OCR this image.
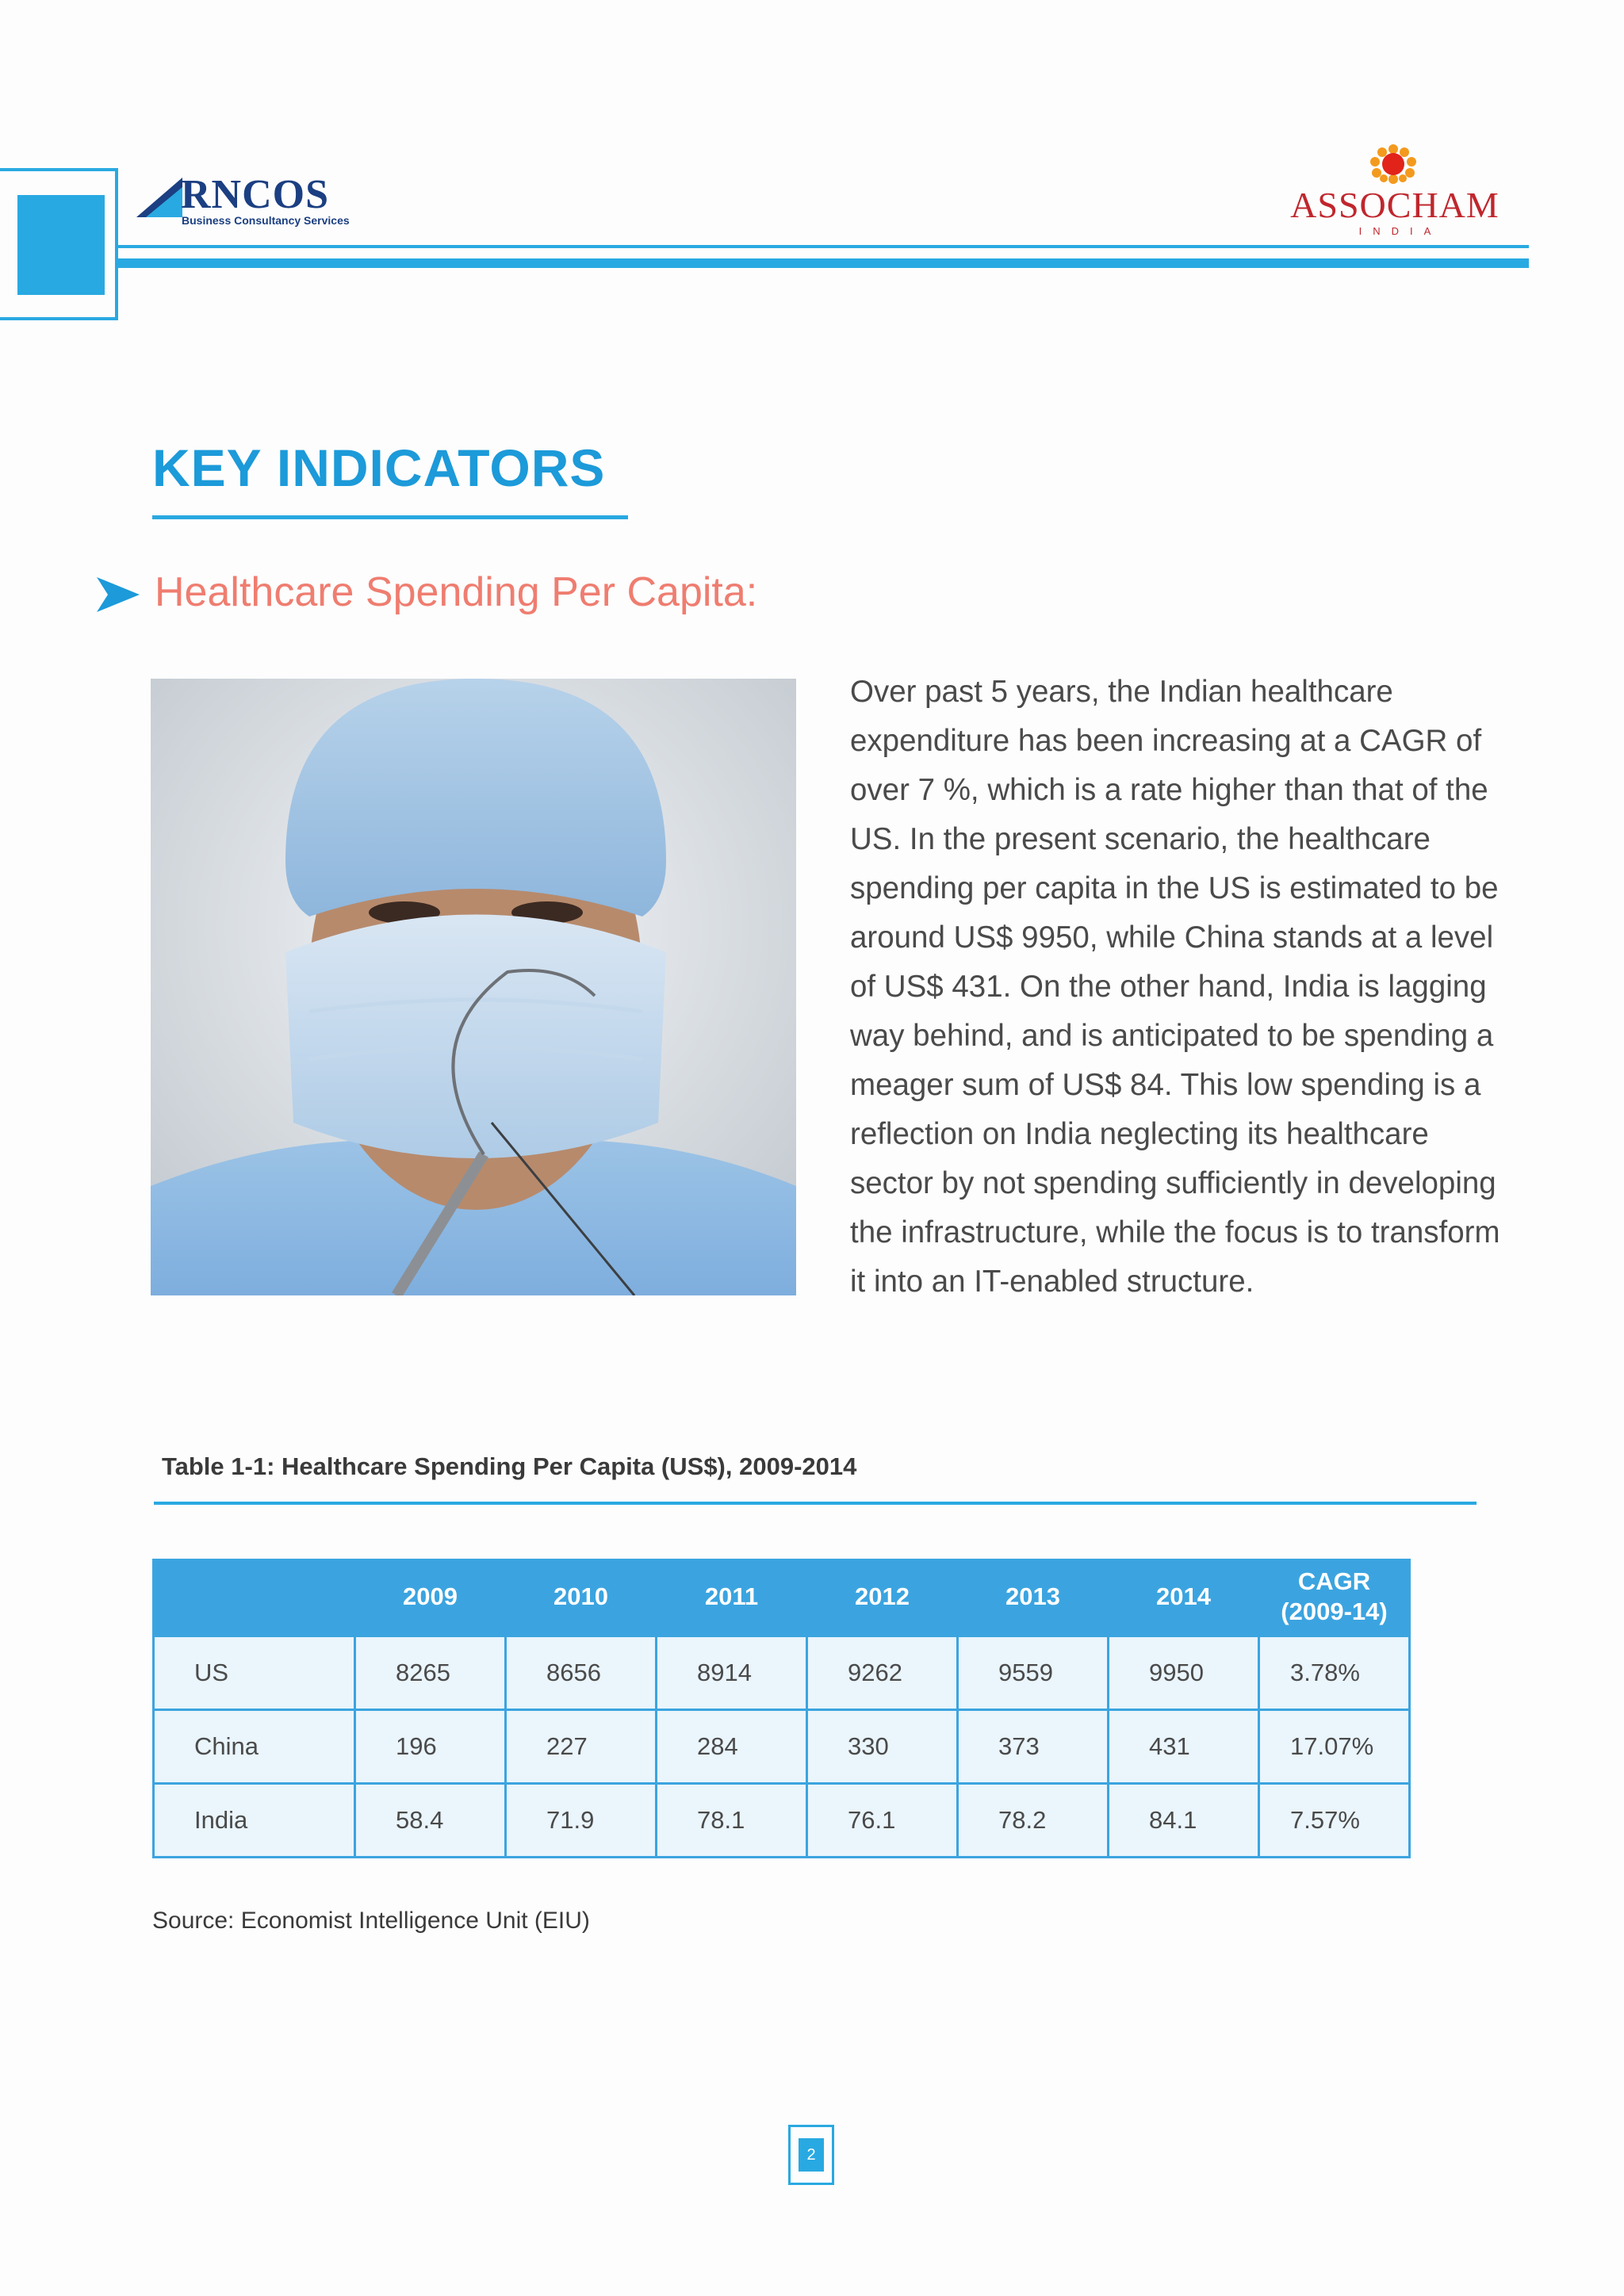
RNCOS
Business Consultancy Services	ASSOCHAM
INDIA
KEY INDICATORS
Healthcare Spending Per Capita:

Over past 5 years, the Indian healthcare expenditure has been increasing at a CAGR of over 7 %, which is a rate higher than that of the US. In the present scenario, the healthcare spending per capita in the US is estimated to be around US$ 9950, while China stands at a level of US$ 431. On the other hand, India is lagging way behind, and is anticipated to be spending a meager sum of US$ 84. This low spending is a reflection on India neglecting its healthcare sector by not spending sufficiently in developing the infrastructure, while the focus is to transform it into an IT-enabled structure.

Table 1-1: Healthcare Spending Per Capita (US$), 2009-2014
	2009	2010	2011	2012	2013	2014	CAGR
(2009-14)
US	8265	8656	8914	9262	9559	9950	3.78%
China	196	227	284	330	373	431	17.07%
India	58.4	71.9	78.1	76.1	78.2	84.1	7.57%
Source: Economist Intelligence Unit (EIU)
2
